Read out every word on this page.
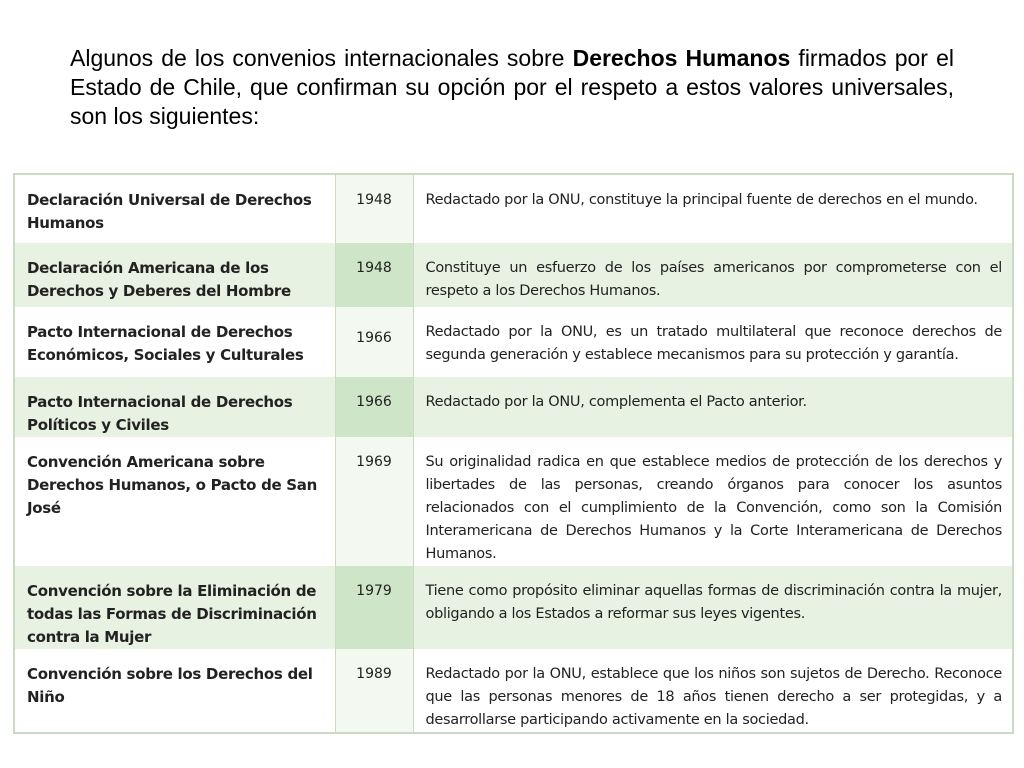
Algunos de los convenios internacionales sobre Derechos Humanos firmados por el Estado de Chile, que confirman su opción por el respeto a estos valores universales, son los siguientes:

Declaración Universal de Derechos Humanos	1948	Redactado por la ONU, constituye la principal fuente de derechos en el mundo.
Declaración Americana de los Derechos y Deberes del Hombre	1948	Constituye un esfuerzo de los países americanos por comprometerse con el respeto a los Derechos Humanos.
Pacto Internacional de Derechos Económicos, Sociales y Culturales	1966	Redactado por la ONU, es un tratado multilateral que reconoce derechos de segunda generación y establece mecanismos para su protección y garantía.
Pacto Internacional de Derechos Políticos y Civiles	1966	Redactado por la ONU, complementa el Pacto anterior.
Convención Americana sobre Derechos Humanos, o Pacto de San José	1969	Su originalidad radica en que establece medios de protección de los derechos y libertades de las personas, creando órganos para conocer los asuntos relacionados con el cumplimiento de la Convención, como son la Comisión Interamericana de Derechos Humanos y la Corte Interamericana de Derechos Humanos.
Convención sobre la Eliminación de todas las Formas de Discriminación contra la Mujer	1979	Tiene como propósito eliminar aquellas formas de discriminación contra la mujer, obligando a los Estados a reformar sus leyes vigentes.
Convención sobre los Derechos del Niño	1989	Redactado por la ONU, establece que los niños son sujetos de Derecho. Reconoce que las personas menores de 18 años tienen derecho a ser protegidas, y a desarrollarse participando activamente en la sociedad.
